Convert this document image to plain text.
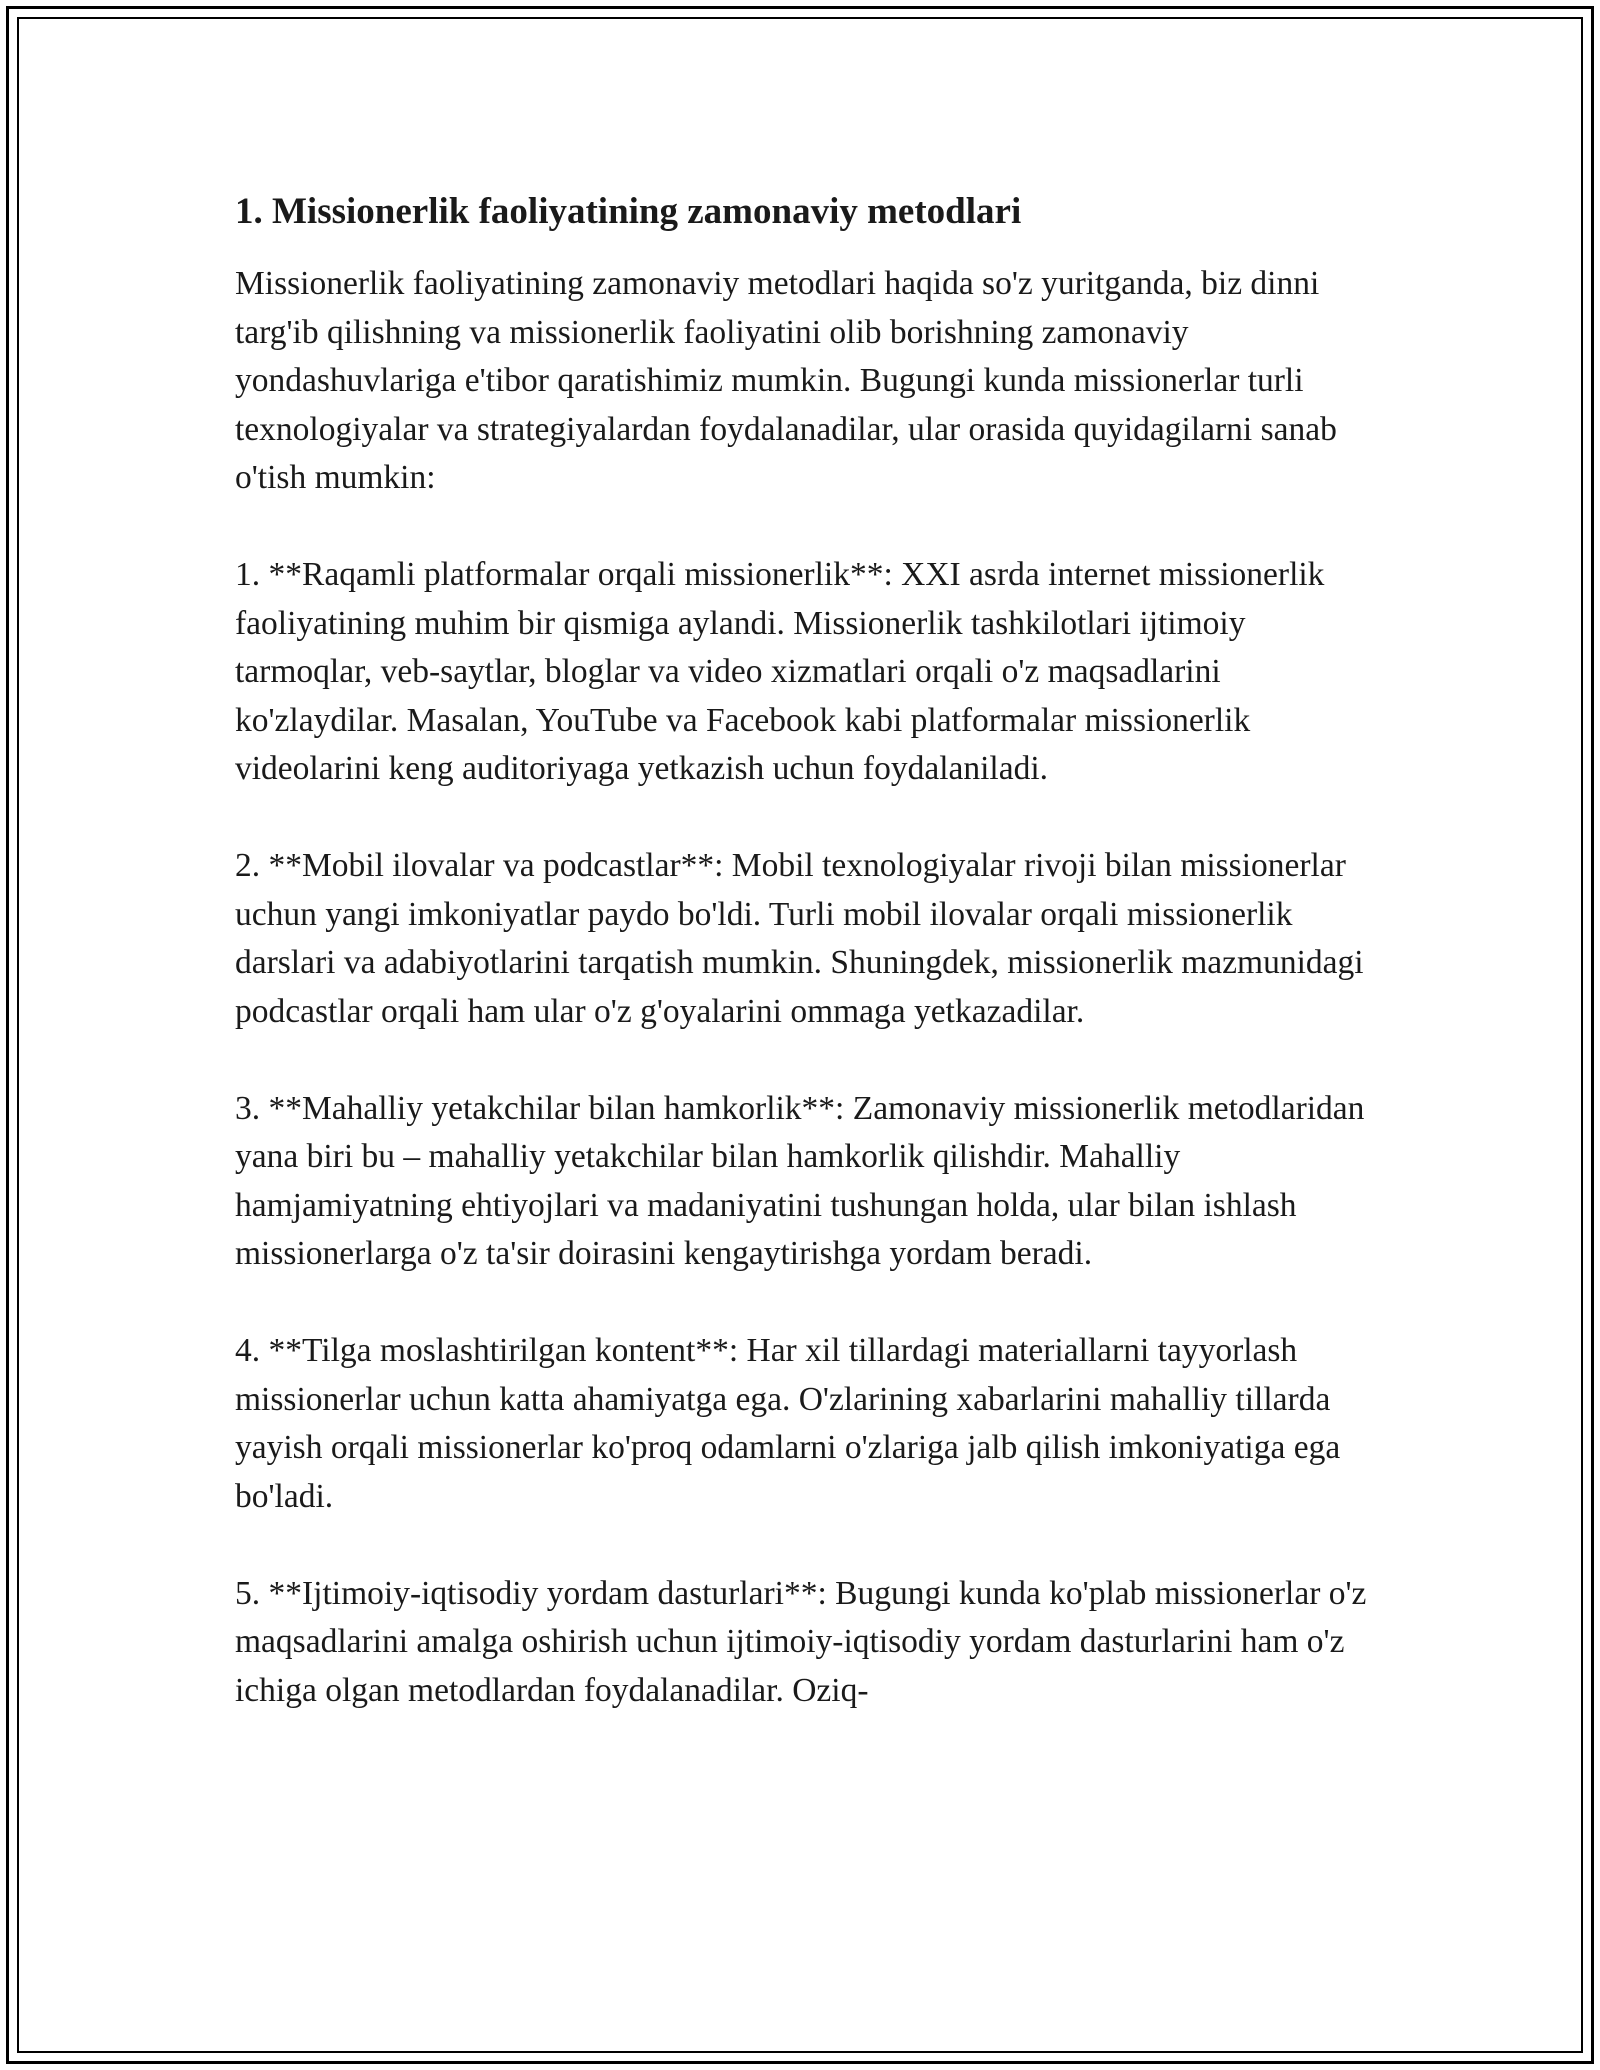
1. Missionerlik faoliyatining zamonaviy metodlari

Missionerlik faoliyatining zamonaviy metodlari haqida so'z yuritganda, biz dinni targ'ib qilishning va missionerlik faoliyatini olib borishning zamonaviy yondashuvlariga e'tibor qaratishimiz mumkin. Bugungi kunda missionerlar turli texnologiyalar va strategiyalardan foydalanadilar, ular orasida quyidagilarni sanab o'tish mumkin:

1. **Raqamli platformalar orqali missionerlik**: XXI asrda internet missionerlik faoliyatining muhim bir qismiga aylandi. Missionerlik tashkilotlari ijtimoiy tarmoqlar, veb-saytlar, bloglar va video xizmatlari orqali o'z maqsadlarini ko'zlaydilar. Masalan, YouTube va Facebook kabi platformalar missionerlik videolarini keng auditoriyaga yetkazish uchun foydalaniladi.

2. **Mobil ilovalar va podcastlar**: Mobil texnologiyalar rivoji bilan missionerlar uchun yangi imkoniyatlar paydo bo'ldi. Turli mobil ilovalar orqali missionerlik darslari va adabiyotlarini tarqatish mumkin. Shuningdek, missionerlik mazmunidagi podcastlar orqali ham ular o'z g'oyalarini ommaga yetkazadilar.

3. **Mahalliy yetakchilar bilan hamkorlik**: Zamonaviy missionerlik metodlaridan yana biri bu – mahalliy yetakchilar bilan hamkorlik qilishdir. Mahalliy hamjamiyatning ehtiyojlari va madaniyatini tushungan holda, ular bilan ishlash missionerlarga o'z ta'sir doirasini kengaytirishga yordam beradi.

4. **Tilga moslashtirilgan kontent**: Har xil tillardagi materiallarni tayyorlash missionerlar uchun katta ahamiyatga ega. O'zlarining xabarlarini mahalliy tillarda yayish orqali missionerlar ko'proq odamlarni o'zlariga jalb qilish imkoniyatiga ega bo'ladi.

5. **Ijtimoiy-iqtisodiy yordam dasturlari**: Bugungi kunda ko'plab missionerlar o'z maqsadlarini amalga oshirish uchun ijtimoiy-iqtisodiy yordam dasturlarini ham o'z ichiga olgan metodlardan foydalanadilar. Oziq-
